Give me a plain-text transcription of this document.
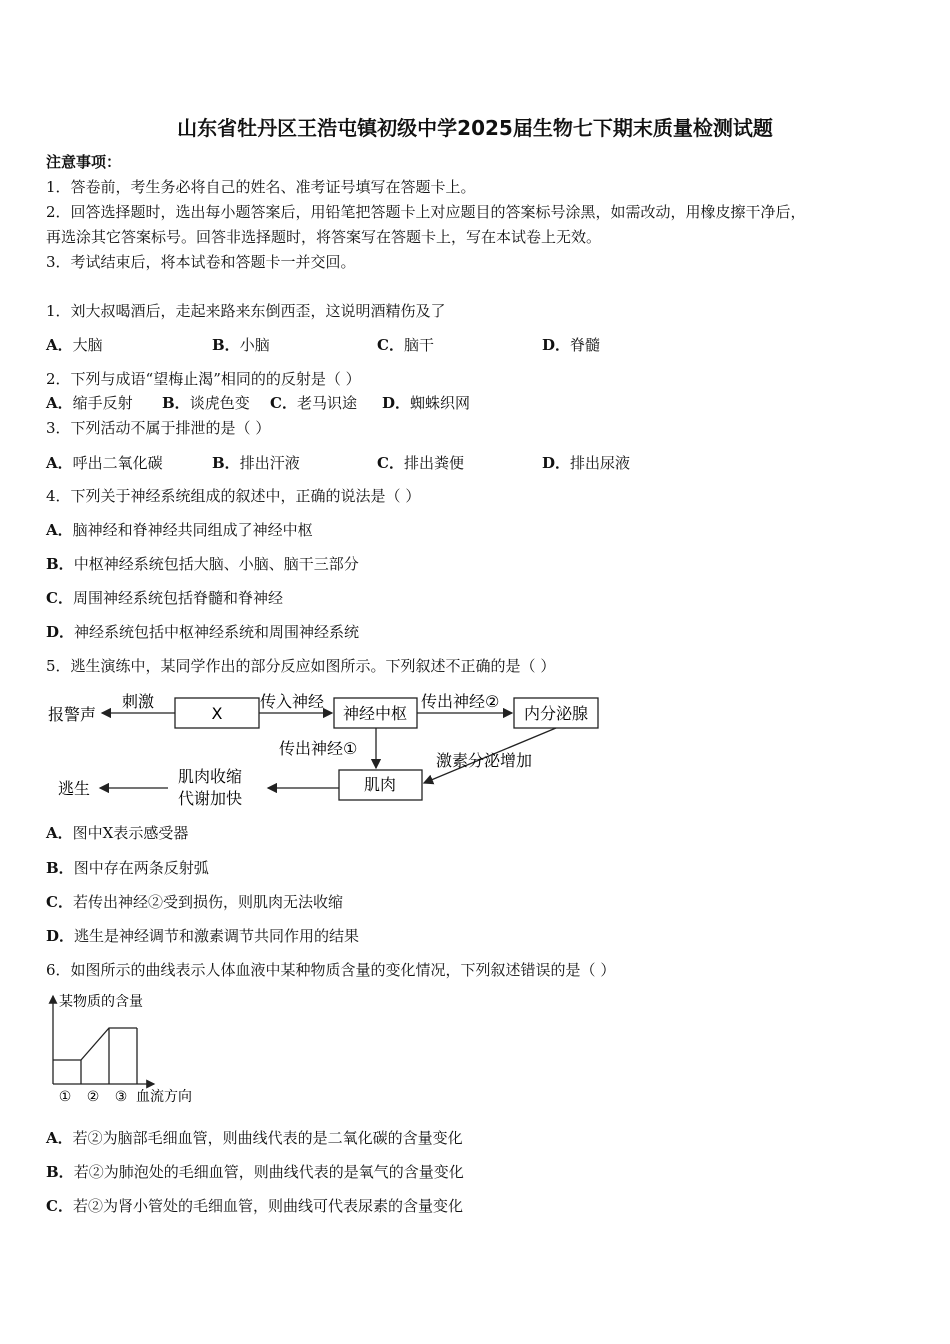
山东省牡丹区王浩屯镇初级中学2025届生物七下期末质量检测试题
注意事项：
1．答卷前，考生务必将自己的姓名、准考证号填写在答题卡上。
2．回答选择题时，选出每小题答案后，用铅笔把答题卡上对应题目的答案标号涂黑，如需改动，用橡皮擦干净后，
再选涂其它答案标号。回答非选择题时，将答案写在答题卡上，写在本试卷上无效。
3．考试结束后，将本试卷和答题卡一并交回。
1．刘大叔喝酒后，走起来路来东倒西歪，这说明酒精伤及了
A．大脑	B．小脑	C．脑干	D．脊髓
2．下列与成语“望梅止渴”相同的的反射是（ ）
A．缩手反射 B．谈虎色变 C．老马识途 D．蜘蛛织网
3．下列活动不属于排泄的是（ ）
A．呼出二氧化碳	B．排出汗液	C．排出粪便	D．排出尿液
4．下列关于神经系统组成的叙述中，正确的说法是（ ）
A．脑神经和脊神经共同组成了神经中枢
B．中枢神经系统包括大脑、小脑、脑干三部分
C．周围神经系统包括脊髓和脊神经
D．神经系统包括中枢神经系统和周围神经系统
5．逃生演练中，某同学作出的部分反应如图所示。下列叙述不正确的是（ ）
报警声
刺激
X
传入神经
神经中枢
传出神经②
内分泌腺
传出神经①
激素分泌增加
肌肉
肌肉收缩
代谢加快
逃生
A．图中X表示感受器
B．图中存在两条反射弧
C．若传出神经②受到损伤，则肌肉无法收缩
D．逃生是神经调节和激素调节共同作用的结果
6．如图所示的曲线表示人体血液中某种物质含量的变化情况，下列叙述错误的是（ ）
某物质的含量
血流方向
① ② ③
A．若②为脑部毛细血管，则曲线代表的是二氧化碳的含量变化
B．若②为肺泡处的毛细血管，则曲线代表的是氧气的含量变化
C．若②为肾小管处的毛细血管，则曲线可代表尿素的含量变化
